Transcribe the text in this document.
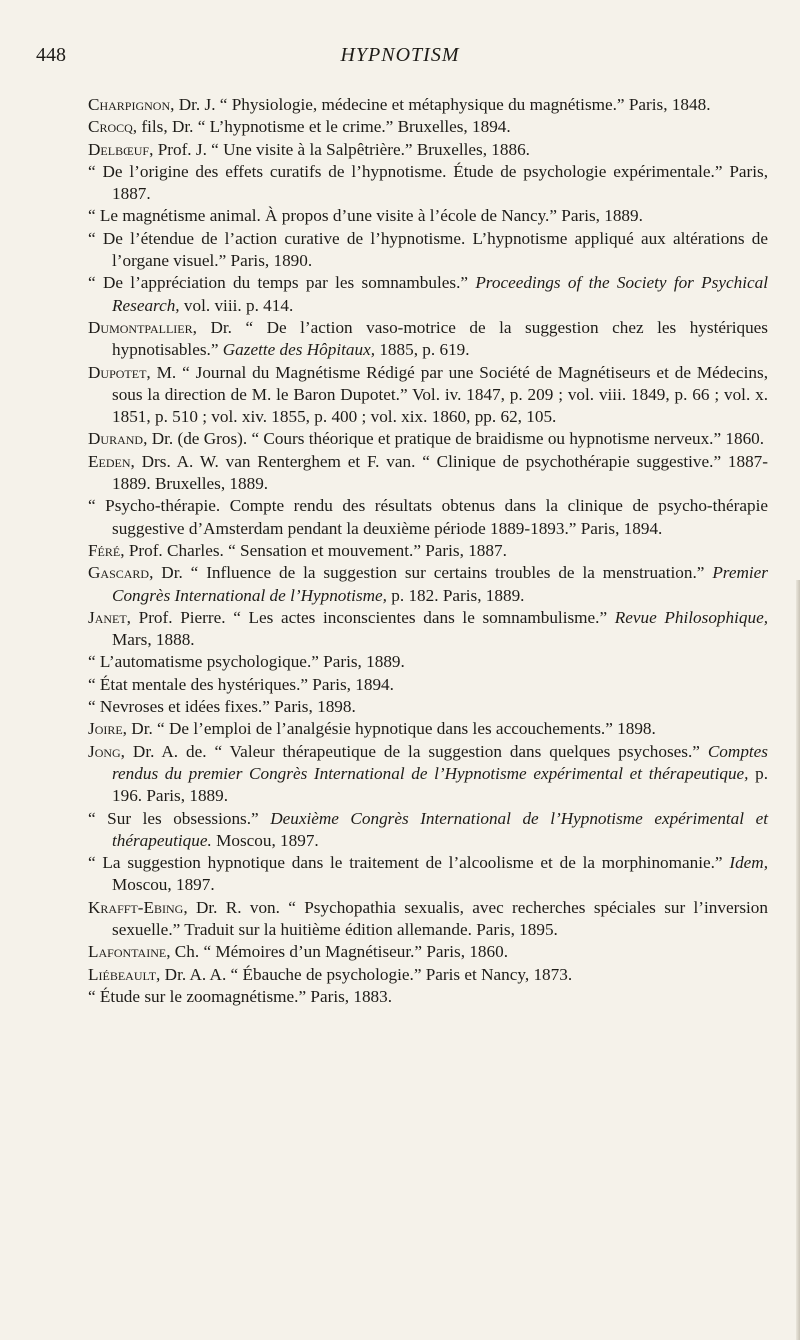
448	HYPNOTISM

Charpignon, Dr. J. “ Physiologie, médecine et métaphysique du magnétisme.” Paris, 1848.

Crocq, fils, Dr. “ L’hypnotisme et le crime.” Bruxelles, 1894.

Delbœuf, Prof. J. “ Une visite à la Salpêtrière.” Bruxelles, 1886.

“ De l’origine des effets curatifs de l’hypnotisme. Étude de psychologie expérimentale.” Paris, 1887.

“ Le magnétisme animal. À propos d’une visite à l’école de Nancy.” Paris, 1889.

“ De l’étendue de l’action curative de l’hypnotisme. L’hypnotisme appliqué aux altérations de l’organe visuel.” Paris, 1890.

“ De l’appréciation du temps par les somnambules.” Proceedings of the Society for Psychical Research, vol. viii. p. 414.

Dumontpallier, Dr. “ De l’action vaso-motrice de la suggestion chez les hystériques hypnotisables.” Gazette des Hôpitaux, 1885, p. 619.

Dupotet, M. “ Journal du Magnétisme Rédigé par une Société de Magnétiseurs et de Médecins, sous la direction de M. le Baron Dupotet.” Vol. iv. 1847, p. 209 ; vol. viii. 1849, p. 66 ; vol. x. 1851, p. 510 ; vol. xiv. 1855, p. 400 ; vol. xix. 1860, pp. 62, 105.

Durand, Dr. (de Gros). “ Cours théorique et pratique de braidisme ou hypnotisme nerveux.” 1860.

Eeden, Drs. A. W. van Renterghem et F. van. “ Clinique de psychothérapie suggestive.” 1887-1889. Bruxelles, 1889.

“ Psycho-thérapie. Compte rendu des résultats obtenus dans la clinique de psycho-thérapie suggestive d’Amsterdam pendant la deuxième période 1889-1893.” Paris, 1894.

Féré, Prof. Charles. “ Sensation et mouvement.” Paris, 1887.

Gascard, Dr. “ Influence de la suggestion sur certains troubles de la menstruation.” Premier Congrès International de l’Hypnotisme, p. 182. Paris, 1889.

Janet, Prof. Pierre. “ Les actes inconscientes dans le somnambulisme.” Revue Philosophique, Mars, 1888.

“ L’automatisme psychologique.” Paris, 1889.

“ État mentale des hystériques.” Paris, 1894.

“ Nevroses et idées fixes.” Paris, 1898.

Joire, Dr. “ De l’emploi de l’analgésie hypnotique dans les accouchements.” 1898.

Jong, Dr. A. de. “ Valeur thérapeutique de la suggestion dans quelques psychoses.” Comptes rendus du premier Congrès International de l’Hypnotisme expérimental et thérapeutique, p. 196. Paris, 1889.

“ Sur les obsessions.” Deuxième Congrès International de l’Hypnotisme expérimental et thérapeutique. Moscou, 1897.

“ La suggestion hypnotique dans le traitement de l’alcoolisme et de la morphinomanie.” Idem, Moscou, 1897.

Krafft-Ebing, Dr. R. von. “ Psychopathia sexualis, avec recherches spéciales sur l’inversion sexuelle.” Traduit sur la huitième édition allemande. Paris, 1895.

Lafontaine, Ch. “ Mémoires d’un Magnétiseur.” Paris, 1860.

Liébeault, Dr. A. A. “ Ébauche de psychologie.” Paris et Nancy, 1873.

“ Étude sur le zoomagnétisme.” Paris, 1883.
